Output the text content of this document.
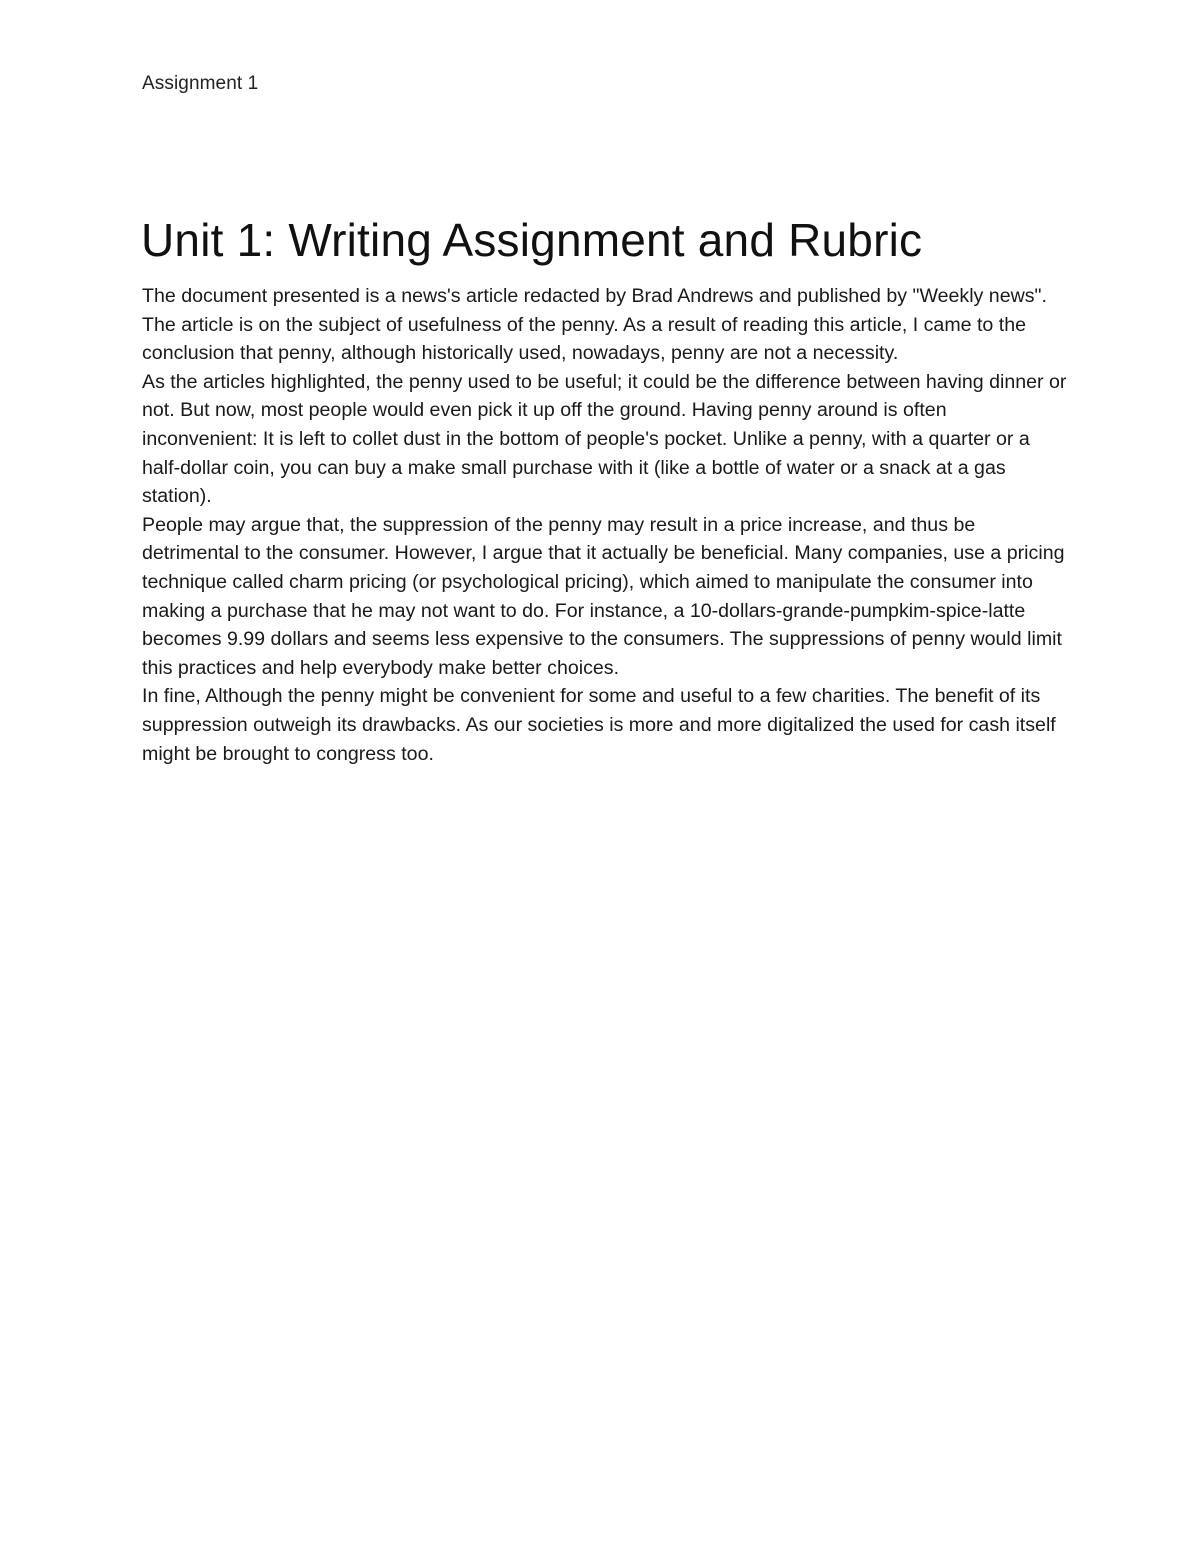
Assignment 1
Unit 1: Writing Assignment and Rubric

The document presented is a news's article redacted by Brad Andrews and published by "Weekly news". The article is on the subject of usefulness of the penny. As a result of reading this article, I came to the conclusion that penny, although historically used, nowadays, penny are not a necessity.

As the articles highlighted, the penny used to be useful; it could be the difference between having dinner or not. But now, most people would even pick it up off the ground. Having penny around is often inconvenient: It is left to collet dust in the bottom of people's pocket. Unlike a penny, with a quarter or a half-dollar coin, you can buy a make small purchase with it (like a bottle of water or a snack at a gas station).

People may argue that, the suppression of the penny may result in a price increase, and thus be detrimental to the consumer. However, I argue that it actually be beneficial. Many companies, use a pricing technique called charm pricing (or psychological pricing), which aimed to manipulate the consumer into making a purchase that he may not want to do. For instance, a 10-dollars-grande-pumpkim-spice-latte becomes 9.99 dollars and seems less expensive to the consumers. The suppressions of penny would limit this practices and help everybody make better choices.

In fine, Although the penny might be convenient for some and useful to a few charities. The benefit of its suppression outweigh its drawbacks. As our societies is more and more digitalized the used for cash itself might be brought to congress too.
